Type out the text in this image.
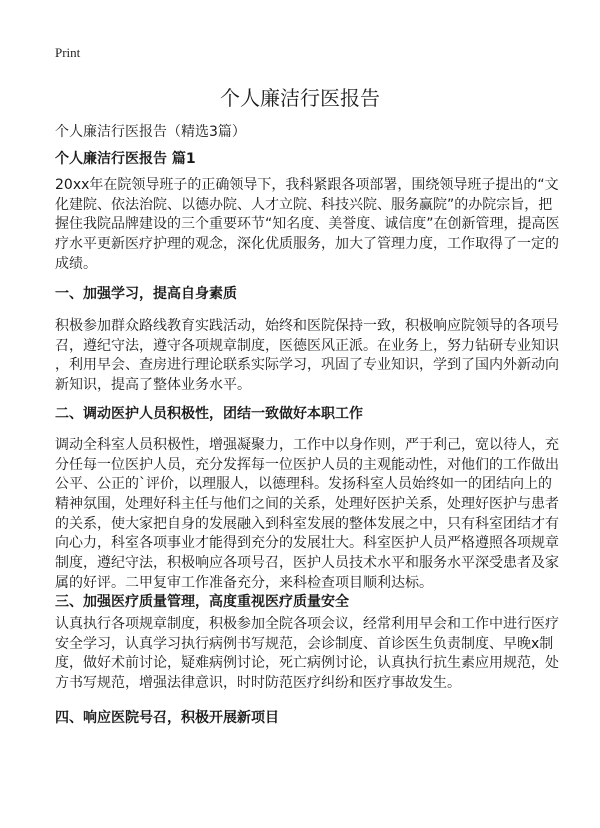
Print
个人廉洁行医报告
个人廉洁行医报告（精选3篇）
个人廉洁行医报告 篇1
20xx年在院领导班子的正确领导下，我科紧跟各项部署，围绕领导班子提出的“文
化建院、依法治院、以德办院、人才立院、科技兴院、服务赢院”的办院宗旨，把
握住我院品牌建设的三个重要环节“知名度、美誉度、诚信度”在创新管理，提高医
疗水平更新医疗护理的观念，深化优质服务，加大了管理力度，工作取得了一定的
成绩。
一、加强学习，提高自身素质
积极参加群众路线教育实践活动，始终和医院保持一致，积极响应院领导的各项号
召，遵纪守法，遵守各项规章制度，医德医风正派。在业务上，努力钻研专业知识
，利用早会、查房进行理论联系实际学习，巩固了专业知识，学到了国内外新动向
新知识，提高了整体业务水平。
二、调动医护人员积极性，团结一致做好本职工作
调动全科室人员积极性，增强凝聚力，工作中以身作则，严于利己，宽以待人，充
分任每一位医护人员，充分发挥每一位医护人员的主观能动性，对他们的工作做出
公平、公正的`评价，以理服人，以德理科。发扬科室人员始终如一的团结向上的
精神氛围，处理好科主任与他们之间的关系，处理好医护关系，处理好医护与患者
的关系，使大家把自身的发展融入到科室发展的整体发展之中，只有科室团结才有
向心力，科室各项事业才能得到充分的发展壮大。科室医护人员严格遵照各项规章
制度，遵纪守法，积极响应各项号召，医护人员技术水平和服务水平深受患者及家
属的好评。二甲复审工作准备充分，来科检查项目顺利达标。
三、加强医疗质量管理，高度重视医疗质量安全
认真执行各项规章制度，积极参加全院各项会议，经常利用早会和工作中进行医疗
安全学习，认真学习执行病例书写规范，会诊制度、首诊医生负责制度、早晚x制
度，做好术前讨论，疑难病例讨论，死亡病例讨论，认真执行抗生素应用规范，处
方书写规范，增强法律意识，时时防范医疗纠纷和医疗事故发生。
四、响应医院号召，积极开展新项目
